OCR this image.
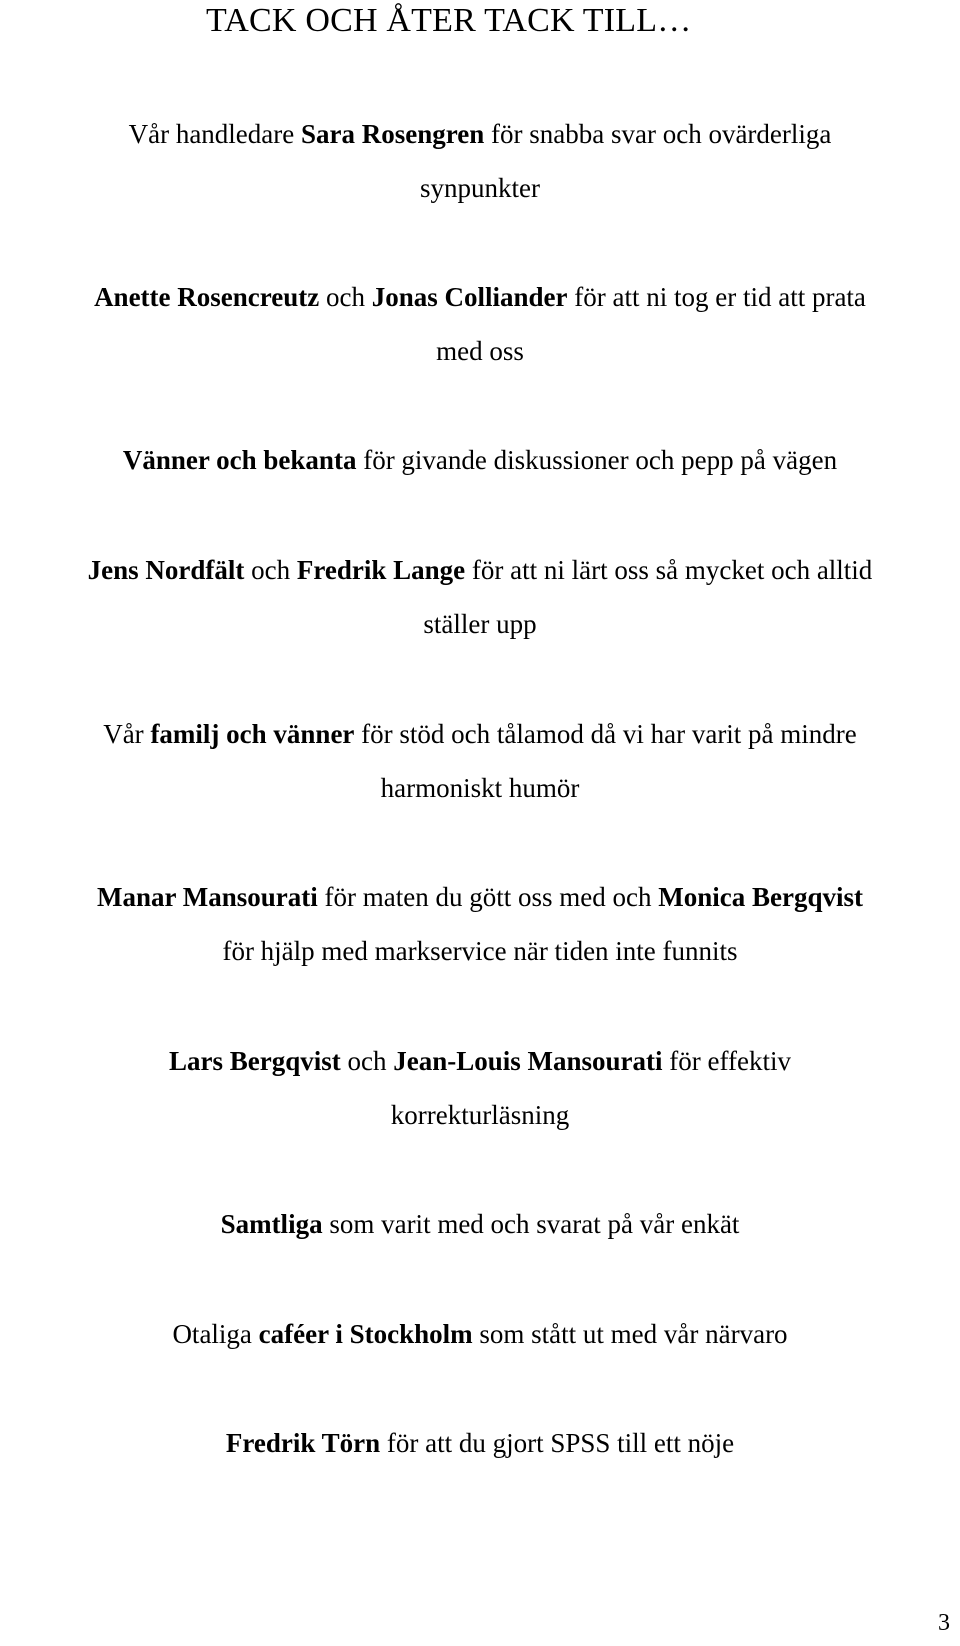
TACK OCH ÅTER TACK TILL…
Vår handledare Sara Rosengren för snabba svar och ovärderliga
synpunkter
Anette Rosencreutz och Jonas Colliander för att ni tog er tid att prata
med oss
Vänner och bekanta för givande diskussioner och pepp på vägen
Jens Nordfält och Fredrik Lange för att ni lärt oss så mycket och alltid
ställer upp
Vår familj och vänner för stöd och tålamod då vi har varit på mindre
harmoniskt humör
Manar Mansourati för maten du gött oss med och Monica Bergqvist
för hjälp med markservice när tiden inte funnits
Lars Bergqvist och Jean-Louis Mansourati för effektiv
korrekturläsning
Samtliga som varit med och svarat på vår enkät
Otaliga caféer i Stockholm som stått ut med vår närvaro
Fredrik Törn för att du gjort SPSS till ett nöje
3
